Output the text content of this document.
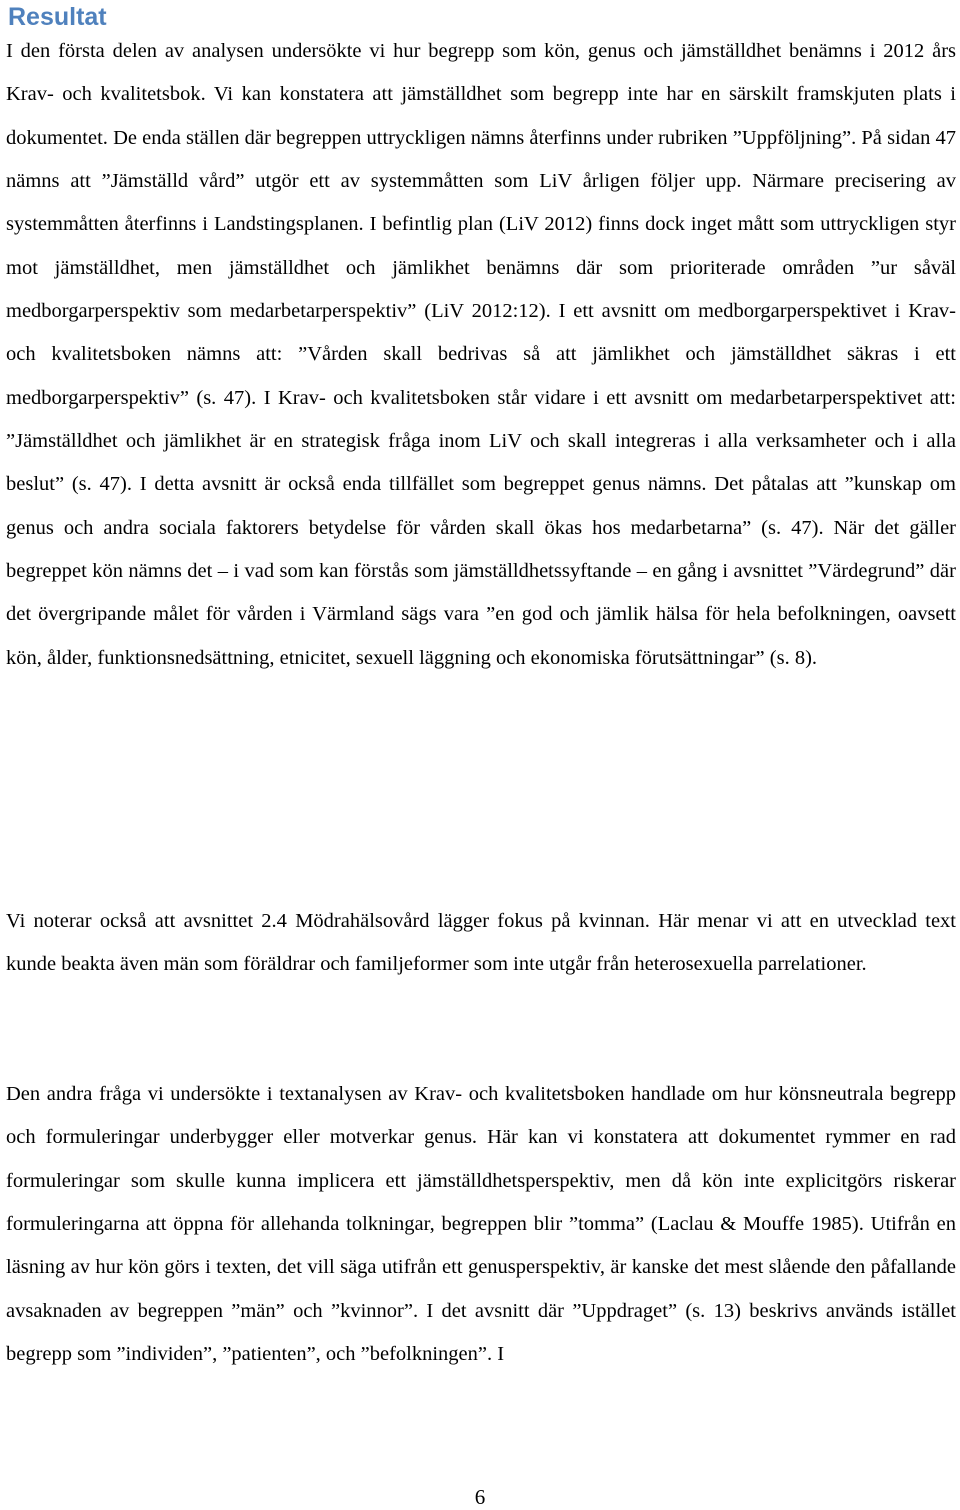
Resultat

I den första delen av analysen undersökte vi hur begrepp som kön, genus och jämställdhet benämns i 2012 års Krav- och kvalitetsbok. Vi kan konstatera att jämställdhet som begrepp inte har en särskilt framskjuten plats i dokumentet. De enda ställen där begreppen uttryckligen nämns återfinns under rubriken ”Uppföljning”. På sidan 47 nämns att ”Jämställd vård” utgör ett av systemmåtten som LiV årligen följer upp. Närmare precisering av systemmåtten återfinns i Landstingsplanen. I befintlig plan (LiV 2012) finns dock inget mått som uttryckligen styr mot jämställdhet, men jämställdhet och jämlikhet benämns där som prioriterade områden ”ur såväl medborgarperspektiv som medarbetarperspektiv” (LiV 2012:12). I ett avsnitt om medborgarperspektivet i Krav- och kvalitetsboken nämns att: ”Vården skall bedrivas så att jämlikhet och jämställdhet säkras i ett medborgarperspektiv” (s. 47). I Krav- och kvalitetsboken står vidare i ett avsnitt om medarbetarperspektivet att: ”Jämställdhet och jämlikhet är en strategisk fråga inom LiV och skall integreras i alla verksamheter och i alla beslut” (s. 47). I detta avsnitt är också enda tillfället som begreppet genus nämns. Det påtalas att ”kunskap om genus och andra sociala faktorers betydelse för vården skall ökas hos medarbetarna” (s. 47). När det gäller begreppet kön nämns det – i vad som kan förstås som jämställdhetssyftande – en gång i avsnittet ”Värdegrund” där det övergripande målet för vården i Värmland sägs vara ”en god och jämlik hälsa för hela befolkningen, oavsett kön, ålder, funktionsnedsättning, etnicitet, sexuell läggning och ekonomiska förutsättningar” (s. 8).

Vi noterar också att avsnittet 2.4 Mödrahälsovård lägger fokus på kvinnan. Här menar vi att en utvecklad text kunde beakta även män som föräldrar och familjeformer som inte utgår från heterosexuella parrelationer.

Den andra fråga vi undersökte i textanalysen av Krav- och kvalitetsboken handlade om hur könsneutrala begrepp och formuleringar underbygger eller motverkar genus. Här kan vi konstatera att dokumentet rymmer en rad formuleringar som skulle kunna implicera ett jämställdhetsperspektiv, men då kön inte explicitgörs riskerar formuleringarna att öppna för allehanda tolkningar, begreppen blir ”tomma” (Laclau & Mouffe 1985). Utifrån en läsning av hur kön görs i texten, det vill säga utifrån ett genusperspektiv, är kanske det mest slående den påfallande avsaknaden av begreppen ”män” och ”kvinnor”. I det avsnitt där ”Uppdraget” (s. 13) beskrivs används istället begrepp som ”individen”, ”patienten”, och ”befolkningen”. I

6
